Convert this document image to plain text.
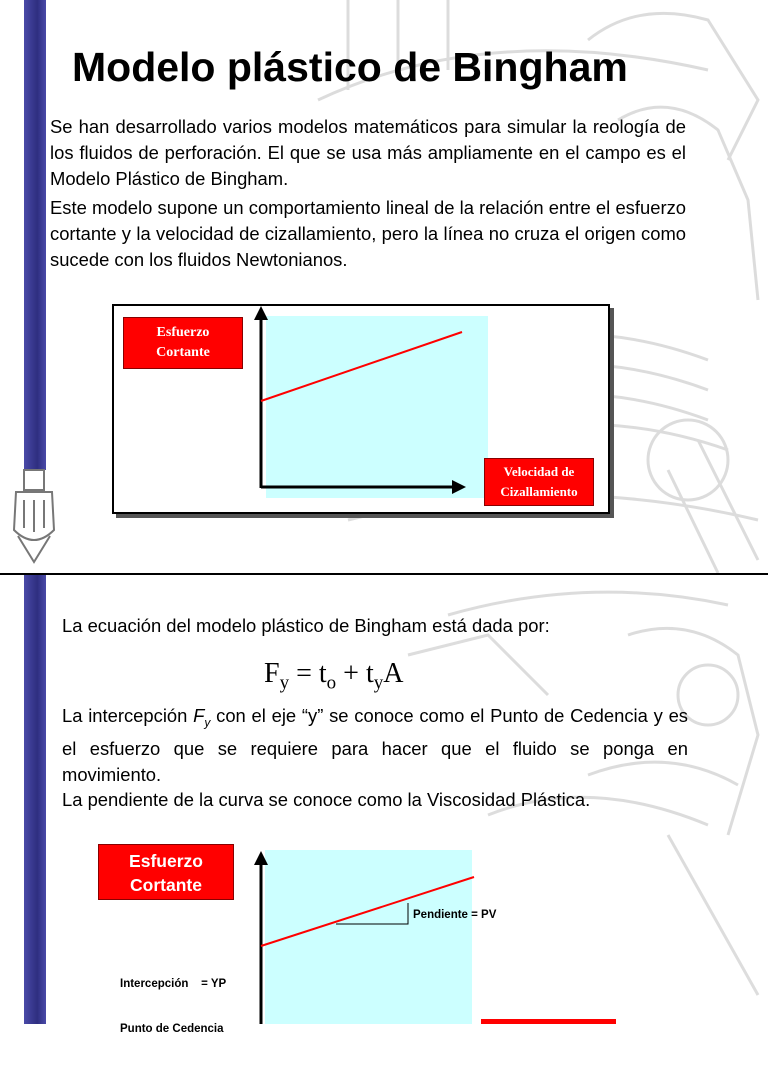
Modelo plástico de Bingham

Se han desarrollado varios modelos matemáticos para simular la reología de los fluidos de perforación. El que se usa más ampliamente en el campo es el Modelo Plástico de Bingham.

Este modelo supone un comportamiento lineal de la relación entre el esfuerzo cortante y la velocidad de cizallamiento, pero la línea no cruza el origen como sucede con los fluidos Newtonianos.

Esfuerzo
Cortante
Velocidad de
Cizallamiento

La ecuación del modelo plástico de Bingham está dada por:

$F_y = t_o + t_yA$

La intercepción $F_y$ con el eje “y” se conoce como el Punto de Cedencia y es el esfuerzo que se requiere para hacer que el fluido se ponga en movimiento.

La pendiente de la curva se conoce como la Viscosidad Plástica.

Esfuerzo
Cortante
Pendiente = PV

Intercepción    = YP

Punto de Cedencia
